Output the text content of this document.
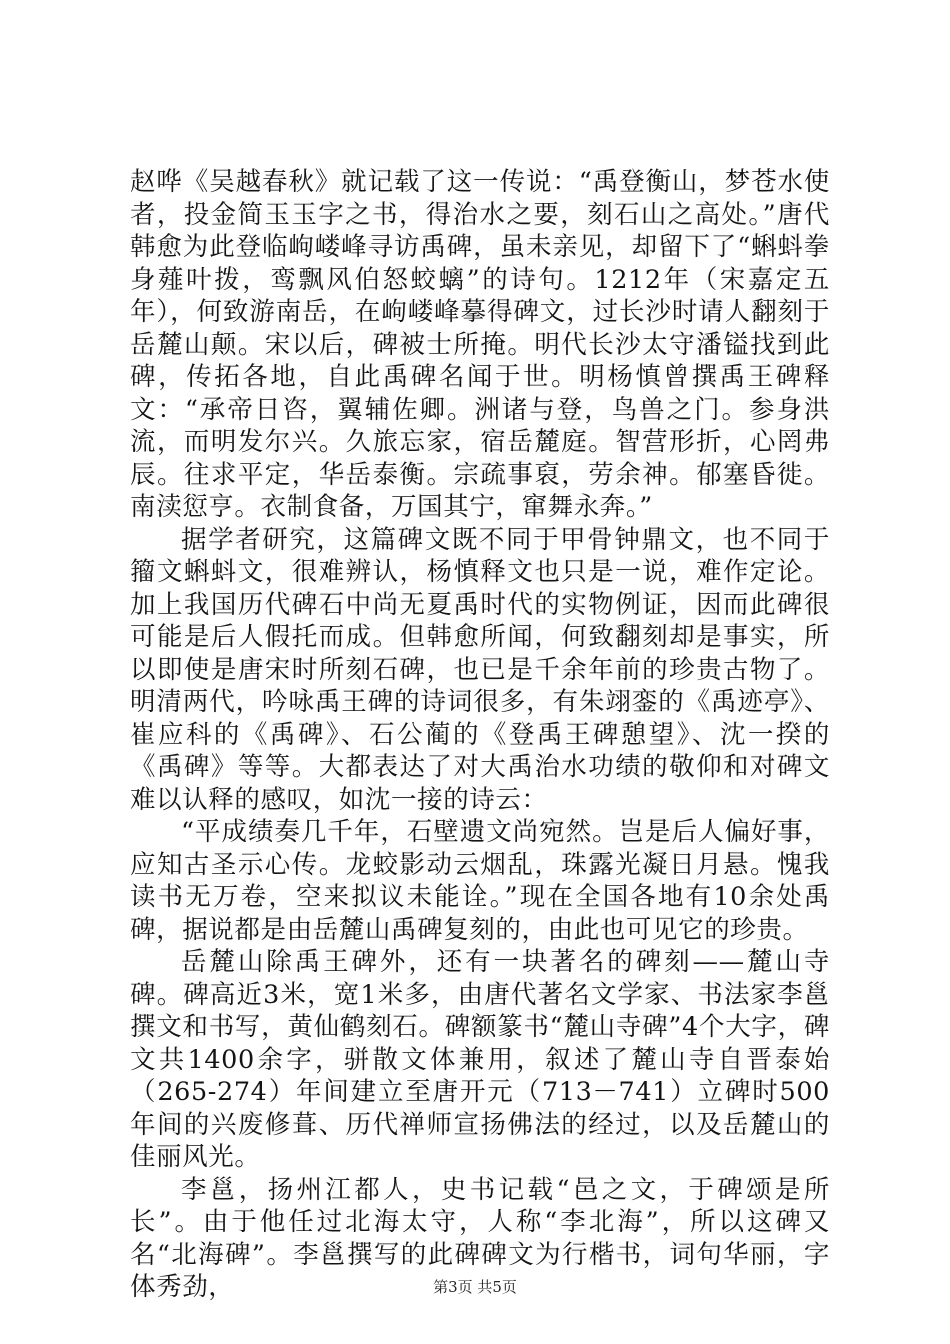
赵哗《吴越春秋》就记载了这一传说：“禹登衡山，梦苍水使者，投金简玉玉字之书，得治水之要，刻石山之高处。”唐代韩愈为此登临岣嵝峰寻访禹碑，虽未亲见，却留下了“蝌蚪拳身薤叶拨，鸾飘风伯怒蛟螭”的诗句。1212年（宋嘉定五年），何致游南岳，在岣嵝峰摹得碑文，过长沙时请人翻刻于岳麓山颠。宋以后，碑被士所掩。明代长沙太守潘镒找到此碑，传拓各地，自此禹碑名闻于世。明杨慎曾撰禹王碑释文：“承帝日咨，翼辅佐卿。洲诸与登，鸟兽之门。参身洪流，而明发尔兴。久旅忘家，宿岳麓庭。智营形折，心罔弗辰。往求平定，华岳泰衡。宗疏事裒，劳余神。郁塞昏徙。南渎愆亨。衣制食备，万国其宁，窜舞永奔。”

据学者研究，这篇碑文既不同于甲骨钟鼎文，也不同于籀文蝌蚪文，很难辨认，杨慎释文也只是一说，难作定论。加上我国历代碑石中尚无夏禹时代的实物例证，因而此碑很可能是后人假托而成。但韩愈所闻，何致翻刻却是事实，所以即使是唐宋时所刻石碑，也已是千余年前的珍贵古物了。明清两代，吟咏禹王碑的诗词很多，有朱翊銮的《禹迹亭》、崔应科的《禹碑》、石公蔺的《登禹王碑憩望》、沈一揆的《禹碑》等等。大都表达了对大禹治水功绩的敬仰和对碑文难以认释的感叹，如沈一接的诗云：

“平成绩奏几千年，石壁遗文尚宛然。岂是后人偏好事，应知古圣示心传。龙蛟影动云烟乱，珠露光凝日月悬。愧我读书无万卷，空来拟议未能诠。”现在全国各地有10余处禹碑，据说都是由岳麓山禹碑复刻的，由此也可见它的珍贵。

岳麓山除禹王碑外，还有一块著名的碑刻——麓山寺碑。碑高近3米，宽1米多，由唐代著名文学家、书法家李邕撰文和书写，黄仙鹤刻石。碑额篆书“麓山寺碑”4个大字，碑文共1400余字，骈散文体兼用，叙述了麓山寺自晋泰始（265-274）年间建立至唐开元（713－741）立碑时500年间的兴废修葺、历代禅师宣扬佛法的经过，以及岳麓山的佳丽风光。

李邕，扬州江都人，史书记载“邑之文，于碑颂是所长”。由于他任过北海太守，人称“李北海”，所以这碑又名“北海碑”。李邕撰写的此碑碑文为行楷书，词句华丽，字体秀劲，	第3页 共5页
